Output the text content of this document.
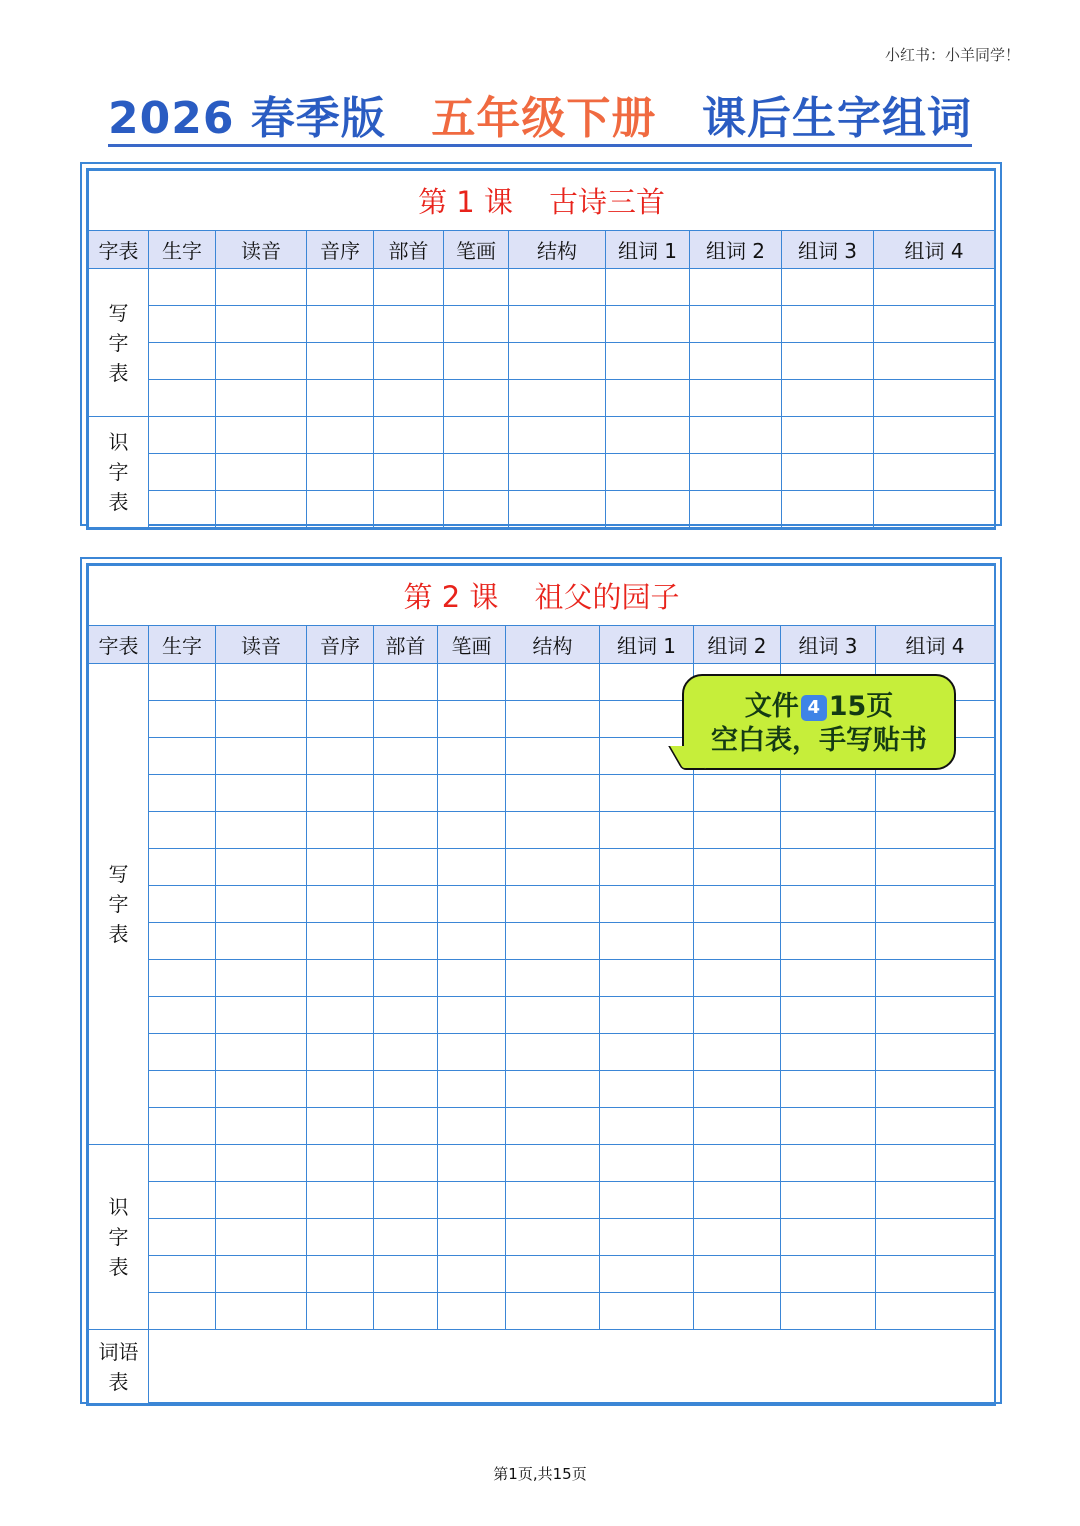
小红书：小羊同学！
2026 春季版 五年级下册 课后生字组词
第 1 课 古诗三首										
字表	生字	读音	音序	部首	笔画	结构	组词 1	组词 2	组词 3	组词 4

写
字
表										

识
字
表										

第 2 课 祖父的园子										
字表	生字	读音	音序	部首	笔画	结构	组词 1	组词 2	组词 3	组词 4

写
字
表										

识
字
表										

词语
表										

文件 4 15页
空白表，手写贴书
第1页,共15页
